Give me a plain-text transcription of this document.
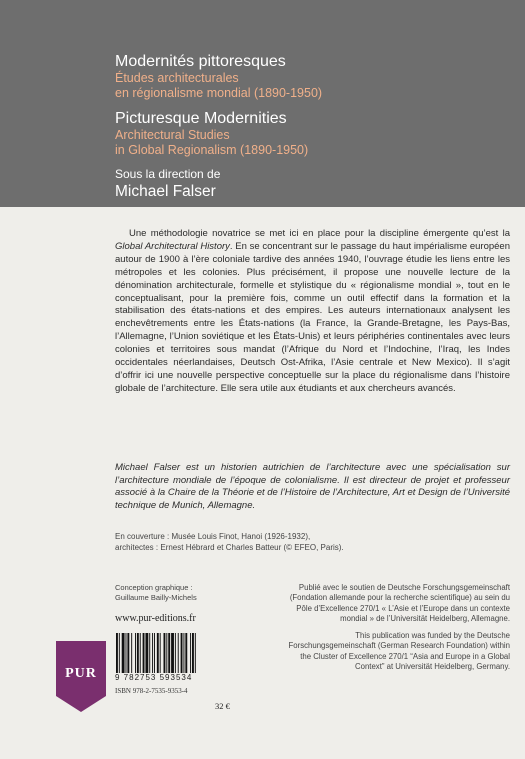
Modernités pittoresques
Études architecturales
en régionalisme mondial (1890-1950)
Picturesque Modernities
Architectural Studies
in Global Regionalism (1890-1950)
Sous la direction de
Michael Falser

Une méthodologie novatrice se met ici en place pour la discipline émergente qu’est la Global Architectural History. En se concentrant sur le passage du haut impérialisme européen autour de 1900 à l’ère coloniale tardive des années 1940, l’ouvrage étudie les liens entre les métropoles et les colonies. Plus précisément, il propose une nouvelle lecture de la dénomination architecturale, formelle et stylistique du « régionalisme mondial », tout en le conceptualisant, pour la première fois, comme un outil effectif dans la formation et la stabilisation des états-nations et des empires. Les auteurs internationaux analysent les enchevêtrements entre les États-nations (la France, la Grande-Bretagne, les Pays-Bas, l’Allemagne, l’Union soviétique et les États-Unis) et leurs périphéries continentales avec leurs colonies et territoires sous mandat (l’Afrique du Nord et l’Indochine, l’Iraq, les Indes occidentales néerlandaises, Deutsch Ost-Afrika, l’Asie centrale et New Mexico). Il s’agit d’offrir ici une nouvelle perspective conceptuelle sur la place du régionalisme dans l’histoire globale de l’architecture. Elle sera utile aux étudiants et aux chercheurs avancés.

Michael Falser est un historien autrichien de l’architecture avec une spécialisation sur l’architecture mondiale de l’époque de colonialisme. Il est directeur de projet et professeur associé à la Chaire de la Théorie et de l’Histoire de l’Architecture, Art et Design de l’Université technique de Munich, Allemagne.
En couverture : Musée Louis Finot, Hanoi (1926-1932),
architectes : Ernest Hébrard et Charles Batteur (© EFEO, Paris).
Conception graphique :
Guillaume Bailly-Michels
www.pur-editions.fr
9 782753 593534
ISBN 978-2-7535-9353-4
32 €

Publié avec le soutien de Deutsche Forschungsgemeinschaft (Fondation allemande pour la recherche scientifique) au sein du Pôle d’Excellence 270/1 « L’Asie et l’Europe dans un contexte mondial » de l’Universität Heidelberg, Allemagne.

This publication was funded by the Deutsche Forschungsgemeinschaft (German Research Foundation) within the Cluster of Excellence 270/1 “Asia and Europe in a Global Context” at Universität Heidelberg, Germany.

PUR
